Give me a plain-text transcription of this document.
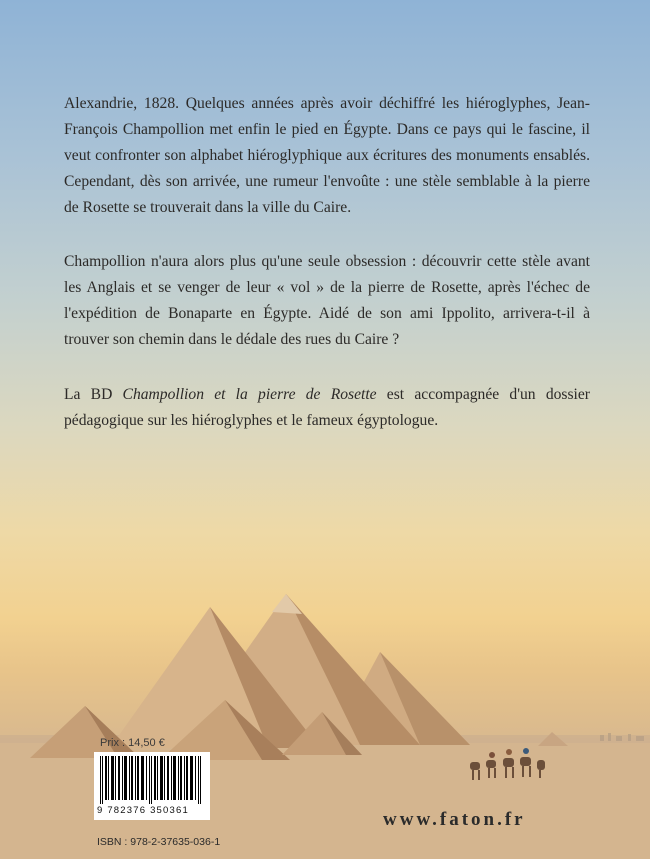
Alexandrie, 1828. Quelques années après avoir déchiffré les hiéroglyphes, Jean-François Champollion met enfin le pied en Égypte. Dans ce pays qui le fascine, il veut confronter son alphabet hiéroglyphique aux écritures des monuments ensablés. Cependant, dès son arrivée, une rumeur l'envoûte : une stèle semblable à la pierre de Rosette se trouverait dans la ville du Caire.
Champollion n'aura alors plus qu'une seule obsession : découvrir cette stèle avant les Anglais et se venger de leur « vol » de la pierre de Rosette, après l'échec de l'expédition de Bonaparte en Égypte. Aidé de son ami Ippolito, arrivera-t-il à trouver son chemin dans le dédale des rues du Caire ?
La BD Champollion et la pierre de Rosette est accompagnée d'un dossier pédagogique sur les hiéroglyphes et le fameux égyptologue.
Prix : 14,50 €
9 782376 350361
ISBN : 978-2-37635-036-1
www.faton.fr
